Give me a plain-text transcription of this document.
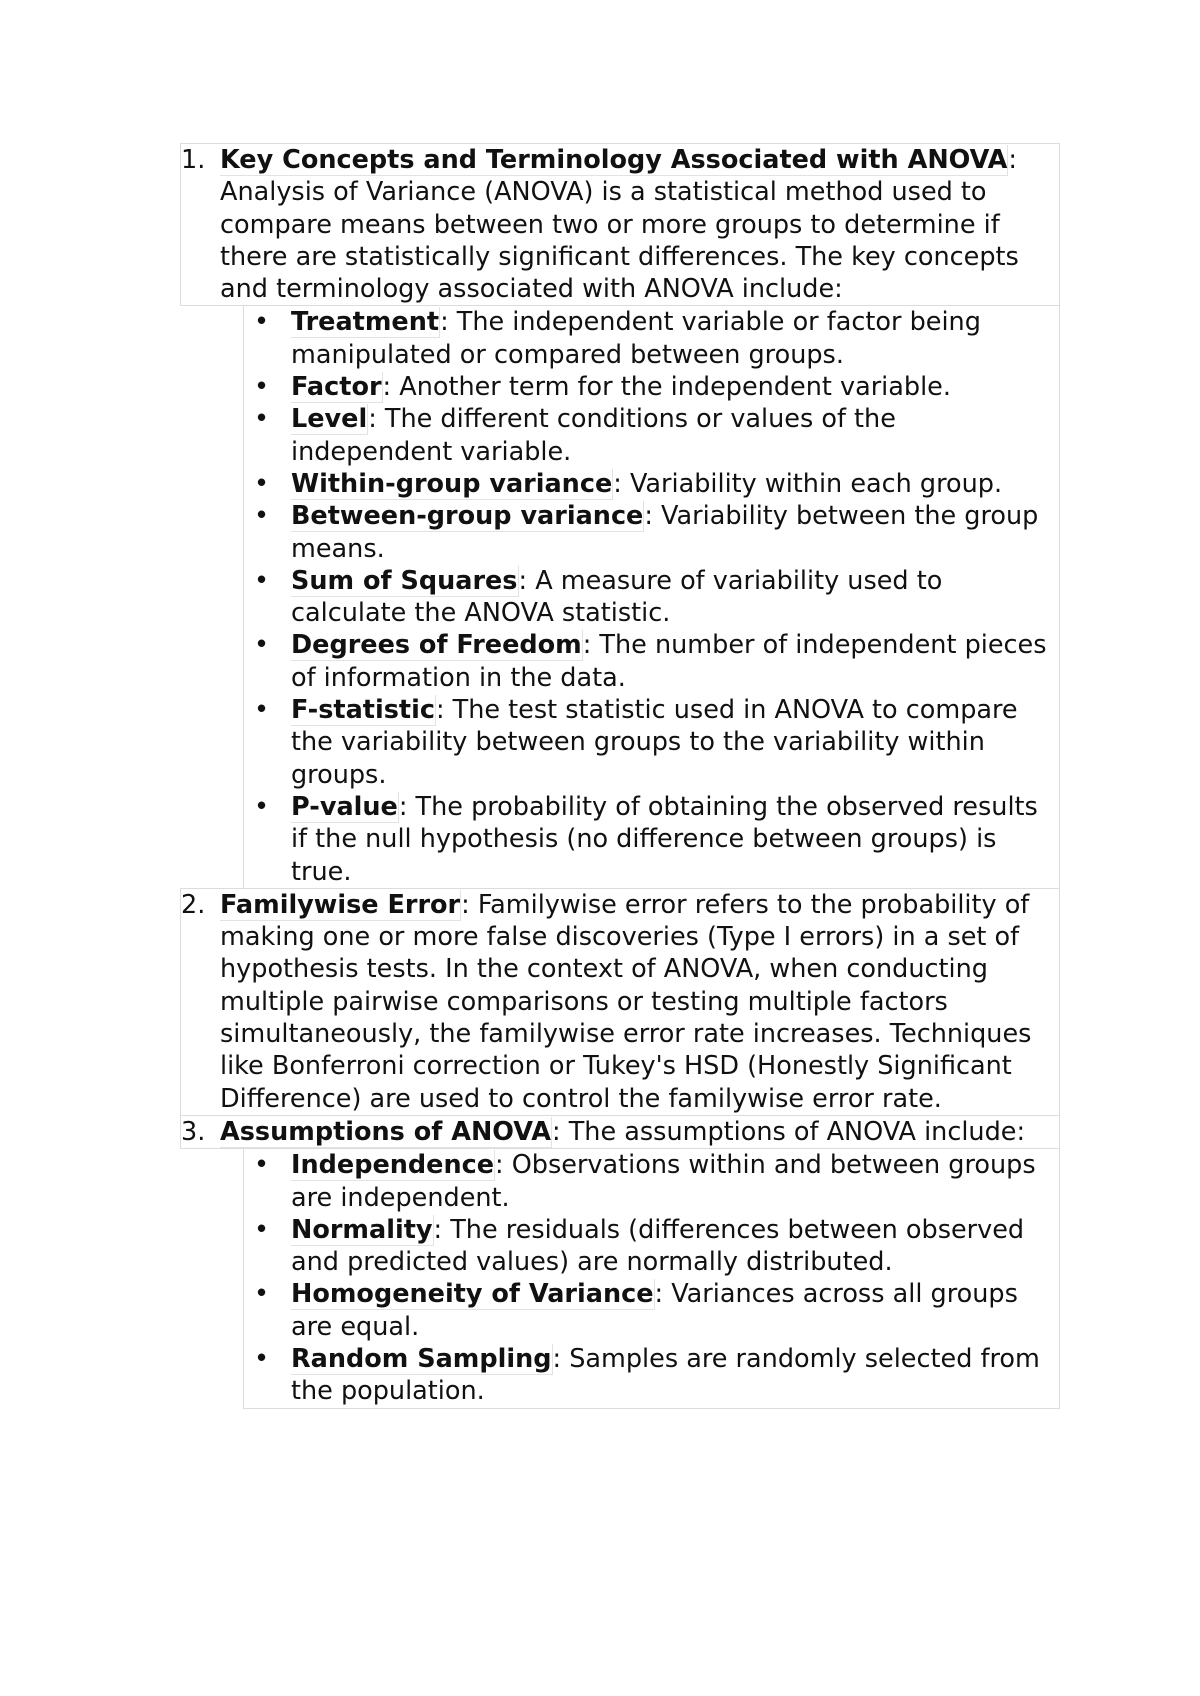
1. Key Concepts and Terminology Associated with ANOVA: Analysis of Variance (ANOVA) is a statistical method used to compare means between two or more groups to determine if there are statistically significant differences. The key concepts and terminology associated with ANOVA include:
• Treatment: The independent variable or factor being manipulated or compared between groups.
• Factor: Another term for the independent variable.
• Level: The different conditions or values of the independent variable.
• Within-group variance: Variability within each group.
• Between-group variance: Variability between the group means.
• Sum of Squares: A measure of variability used to calculate the ANOVA statistic.
• Degrees of Freedom: The number of independent pieces of information in the data.
• F-statistic: The test statistic used in ANOVA to compare the variability between groups to the variability within groups.
• P-value: The probability of obtaining the observed results if the null hypothesis (no difference between groups) is true.
2. Familywise Error: Familywise error refers to the probability of making one or more false discoveries (Type I errors) in a set of hypothesis tests. In the context of ANOVA, when conducting multiple pairwise comparisons or testing multiple factors simultaneously, the familywise error rate increases. Techniques like Bonferroni correction or Tukey's HSD (Honestly Significant Difference) are used to control the familywise error rate.
3. Assumptions of ANOVA: The assumptions of ANOVA include:
• Independence: Observations within and between groups are independent.
• Normality: The residuals (differences between observed and predicted values) are normally distributed.
• Homogeneity of Variance: Variances across all groups are equal.
• Random Sampling: Samples are randomly selected from the population.
